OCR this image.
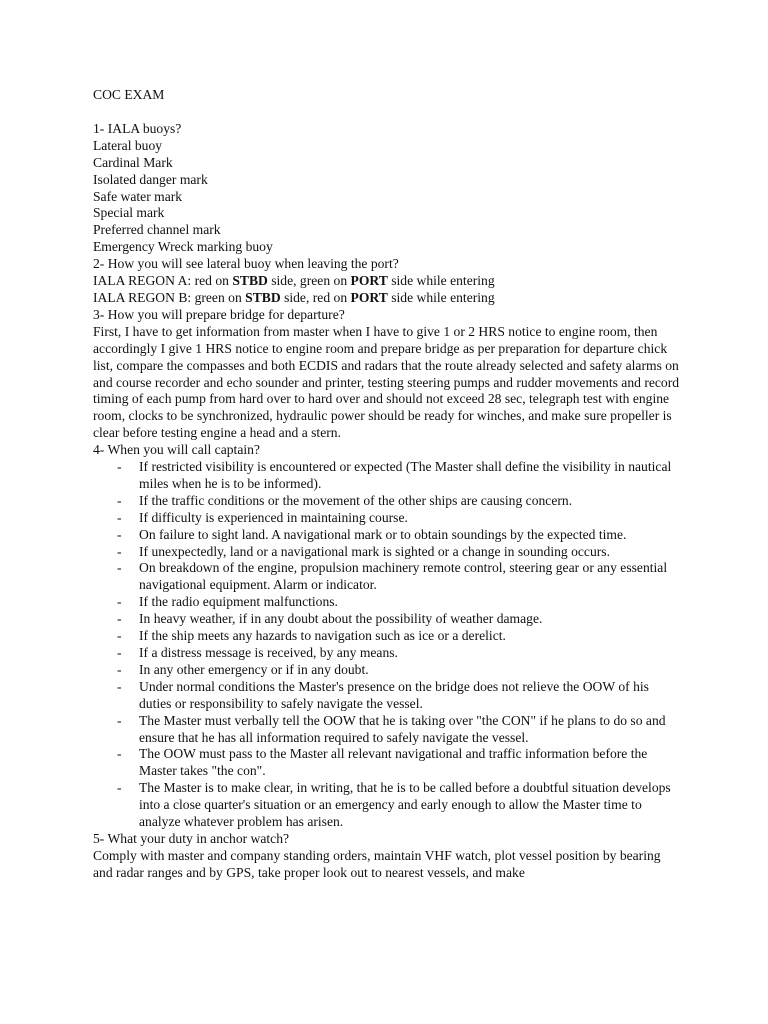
COC EXAM
1- IALA buoys?
Lateral buoy
Cardinal Mark
Isolated danger mark
Safe water mark
Special mark
Preferred channel mark
Emergency Wreck marking buoy
2- How you will see lateral buoy when leaving the port?
IALA REGON A: red on STBD side, green on PORT side while entering
IALA REGON B: green on STBD side, red on PORT side while entering
3- How you will prepare bridge for departure?
First, I have to get information from master when I have to give 1 or 2 HRS notice to engine room, then accordingly I give 1 HRS notice to engine room and prepare bridge as per preparation for departure chick list, compare the compasses and both ECDIS and radars that the route already selected and safety alarms on and course recorder and echo sounder and printer, testing steering pumps and rudder movements and record timing of each pump from hard over to hard over and should not exceed 28 sec, telegraph test with engine room, clocks to be synchronized, hydraulic power should be ready for winches, and make sure propeller is clear before testing engine a head and a stern.
4- When you will call captain?
- If restricted visibility is encountered or expected (The Master shall define the visibility in nautical miles when he is to be informed).
- If the traffic conditions or the movement of the other ships are causing concern.
- If difficulty is experienced in maintaining course.
- On failure to sight land. A navigational mark or to obtain soundings by the expected time.
- If unexpectedly, land or a navigational mark is sighted or a change in sounding occurs.
- On breakdown of the engine, propulsion machinery remote control, steering gear or any essential navigational equipment. Alarm or indicator.
- If the radio equipment malfunctions.
- In heavy weather, if in any doubt about the possibility of weather damage.
- If the ship meets any hazards to navigation such as ice or a derelict.
- If a distress message is received, by any means.
- In any other emergency or if in any doubt.
- Under normal conditions the Master's presence on the bridge does not relieve the OOW of his duties or responsibility to safely navigate the vessel.
- The Master must verbally tell the OOW that he is taking over "the CON" if he plans to do so and ensure that he has all information required to safely navigate the vessel.
- The OOW must pass to the Master all relevant navigational and traffic information before the Master takes "the con".
- The Master is to make clear, in writing, that he is to be called before a doubtful situation develops into a close quarter's situation or an emergency and early enough to allow the Master time to analyze whatever problem has arisen.
5- What your duty in anchor watch?
Comply with master and company standing orders, maintain VHF watch, plot vessel position by bearing and radar ranges and by GPS, take proper look out to nearest vessels, and make
